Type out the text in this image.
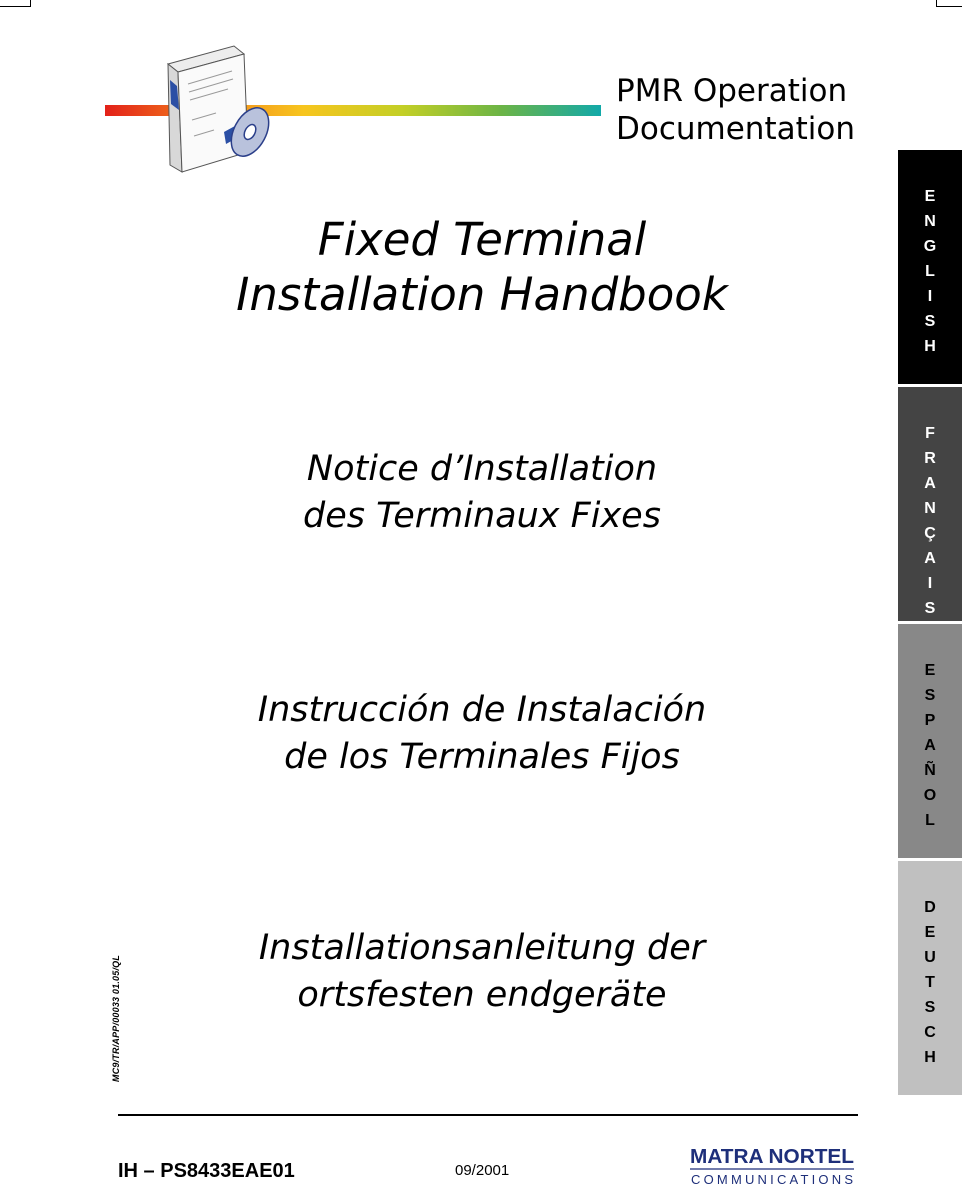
PMR Operation
Documentation
Fixed Terminal
Installation Handbook
Notice d’Installation
des Terminaux Fixes
Instrucción de Instalación
de los Terminales Fijos
Installationsanleitung der
ortsfesten endgeräte
MC9/TR/APP/00033 01.05/QL
E
N
G
L
I
S
H
F
R
A
N
Ç
A
I
S
E
S
P
A
Ñ
O
L
D
E
U
T
S
C
H
IH – PS8433EAE01	09/2001
MATRA NORTEL
COMMUNICATIONS
